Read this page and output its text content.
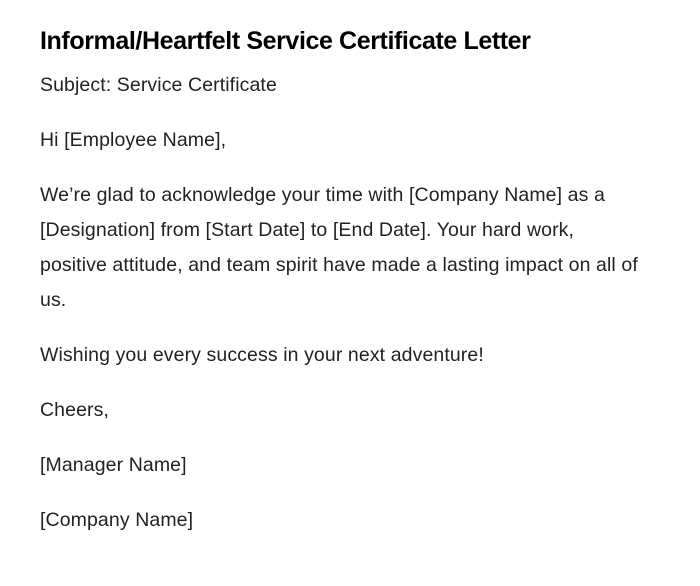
Informal/Heartfelt Service Certificate Letter

Subject: Service Certificate

Hi [Employee Name],

We’re glad to acknowledge your time with [Company Name] as a [Designation] from [Start Date] to [End Date]. Your hard work, positive attitude, and team spirit have made a lasting impact on all of us.

Wishing you every success in your next adventure!

Cheers,

[Manager Name]

[Company Name]
